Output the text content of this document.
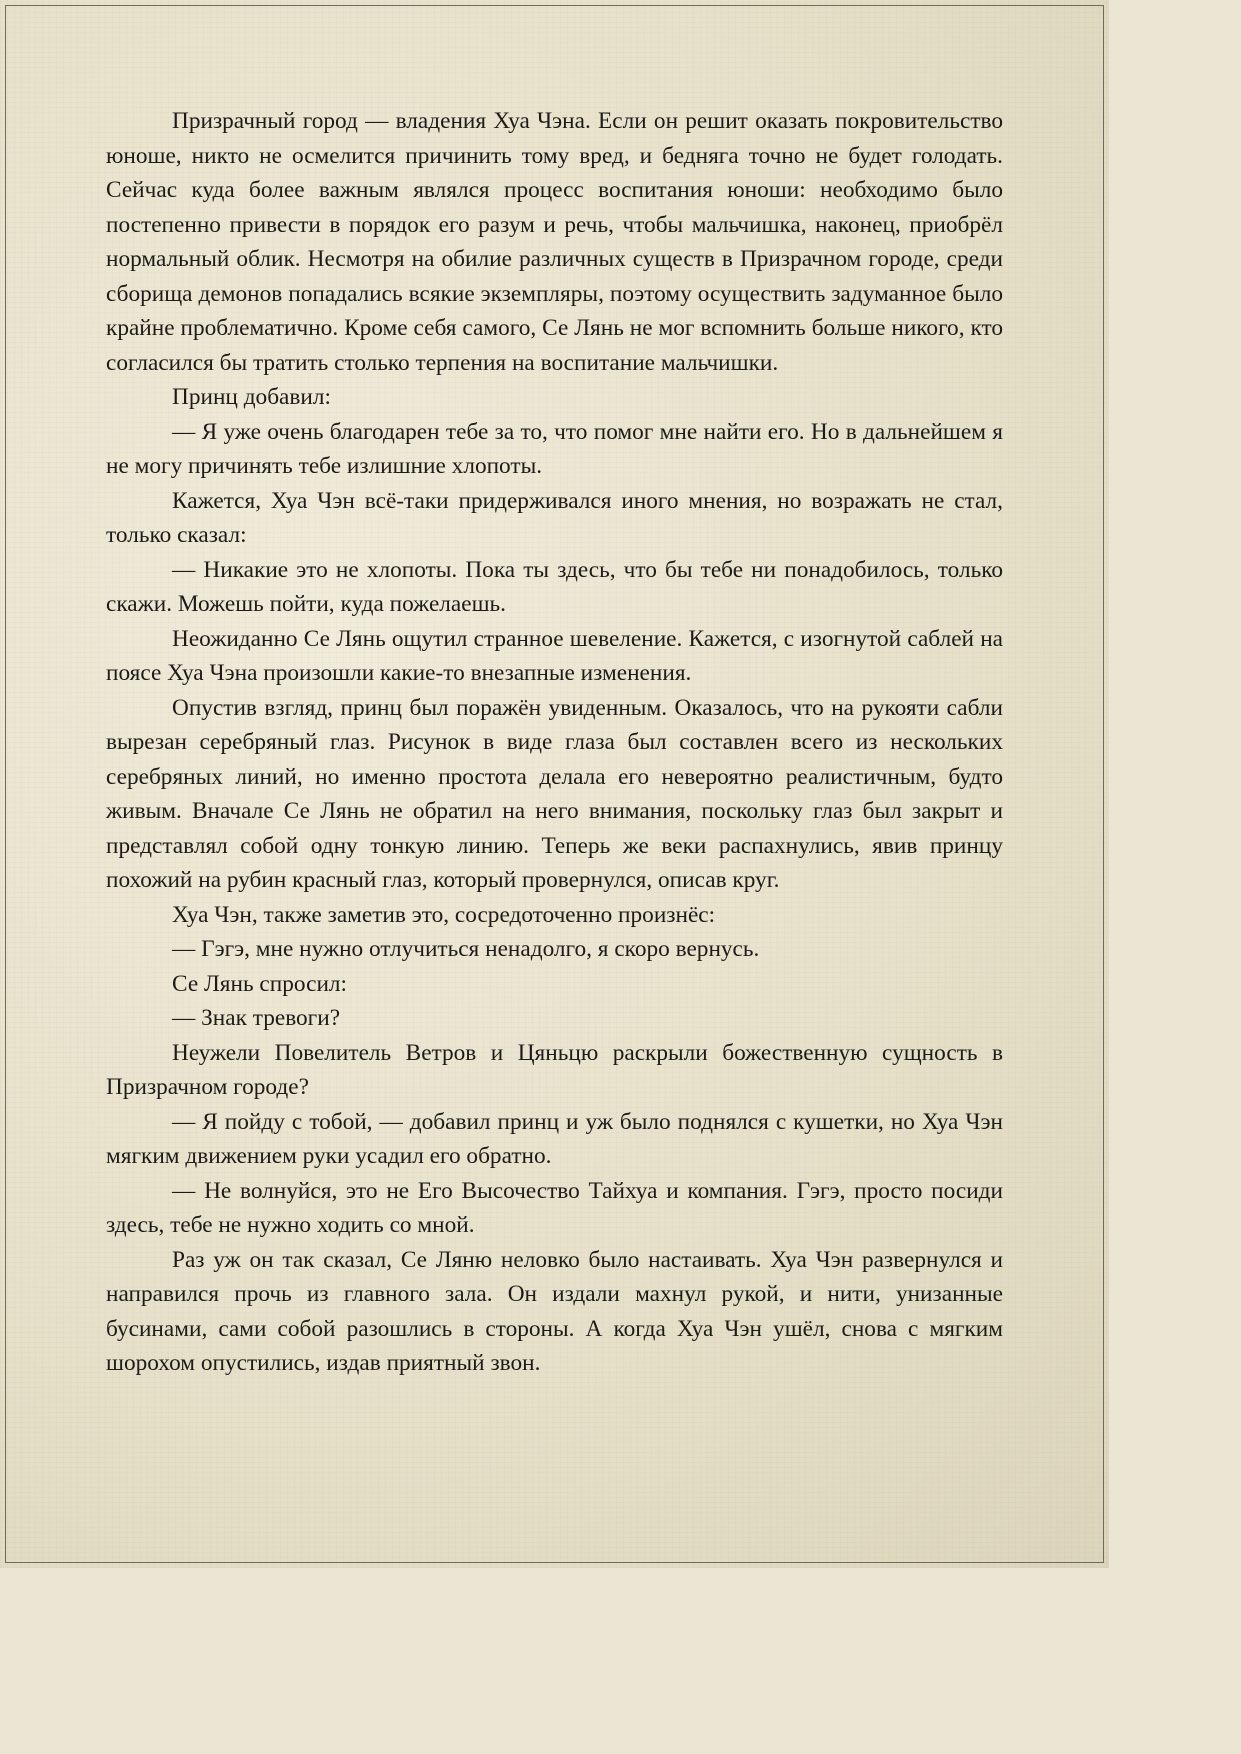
Призрачный город — владения Хуа Чэна. Если он решит оказать покровительство юноше, никто не осмелится причинить тому вред, и бедняга точно не будет голодать. Сейчас куда более важным являлся процесс воспитания юноши: необходимо было постепенно привести в порядок его разум и речь, чтобы мальчишка, наконец, приобрёл нормальный облик. Несмотря на обилие различных существ в Призрачном городе, среди сборища демонов попадались всякие экземпляры, поэтому осуществить задуманное было крайне проблематично. Кроме себя самого, Се Лянь не мог вспомнить больше никого, кто согласился бы тратить столько терпения на воспитание мальчишки.

Принц добавил:

— Я уже очень благодарен тебе за то, что помог мне найти его. Но в дальнейшем я не могу причинять тебе излишние хлопоты.

Кажется, Хуа Чэн всё-таки придерживался иного мнения, но возражать не стал, только сказал:

— Никакие это не хлопоты. Пока ты здесь, что бы тебе ни понадобилось, только скажи. Можешь пойти, куда пожелаешь.

Неожиданно Се Лянь ощутил странное шевеление. Кажется, с изогнутой саблей на поясе Хуа Чэна произошли какие-то внезапные изменения.

Опустив взгляд, принц был поражён увиденным. Оказалось, что на рукояти сабли вырезан серебряный глаз. Рисунок в виде глаза был составлен всего из нескольких серебряных линий, но именно простота делала его невероятно реалистичным, будто живым. Вначале Се Лянь не обратил на него внимания, поскольку глаз был закрыт и представлял собой одну тонкую линию. Теперь же веки распахнулись, явив принцу похожий на рубин красный глаз, который провернулся, описав круг.

Хуа Чэн, также заметив это, сосредоточенно произнёс:

— Гэгэ, мне нужно отлучиться ненадолго, я скоро вернусь.

Се Лянь спросил:

— Знак тревоги?

Неужели Повелитель Ветров и Цяньцю раскрыли божественную сущность в Призрачном городе?

— Я пойду с тобой, — добавил принц и уж было поднялся с кушетки, но Хуа Чэн мягким движением руки усадил его обратно.

— Не волнуйся, это не Его Высочество Тайхуа и компания. Гэгэ, просто посиди здесь, тебе не нужно ходить со мной.

Раз уж он так сказал, Се Ляню неловко было настаивать. Хуа Чэн развернулся и направился прочь из главного зала. Он издали махнул рукой, и нити, унизанные бусинами, сами собой разошлись в стороны. А когда Хуа Чэн ушёл, снова с мягким шорохом опустились, издав приятный звон.
